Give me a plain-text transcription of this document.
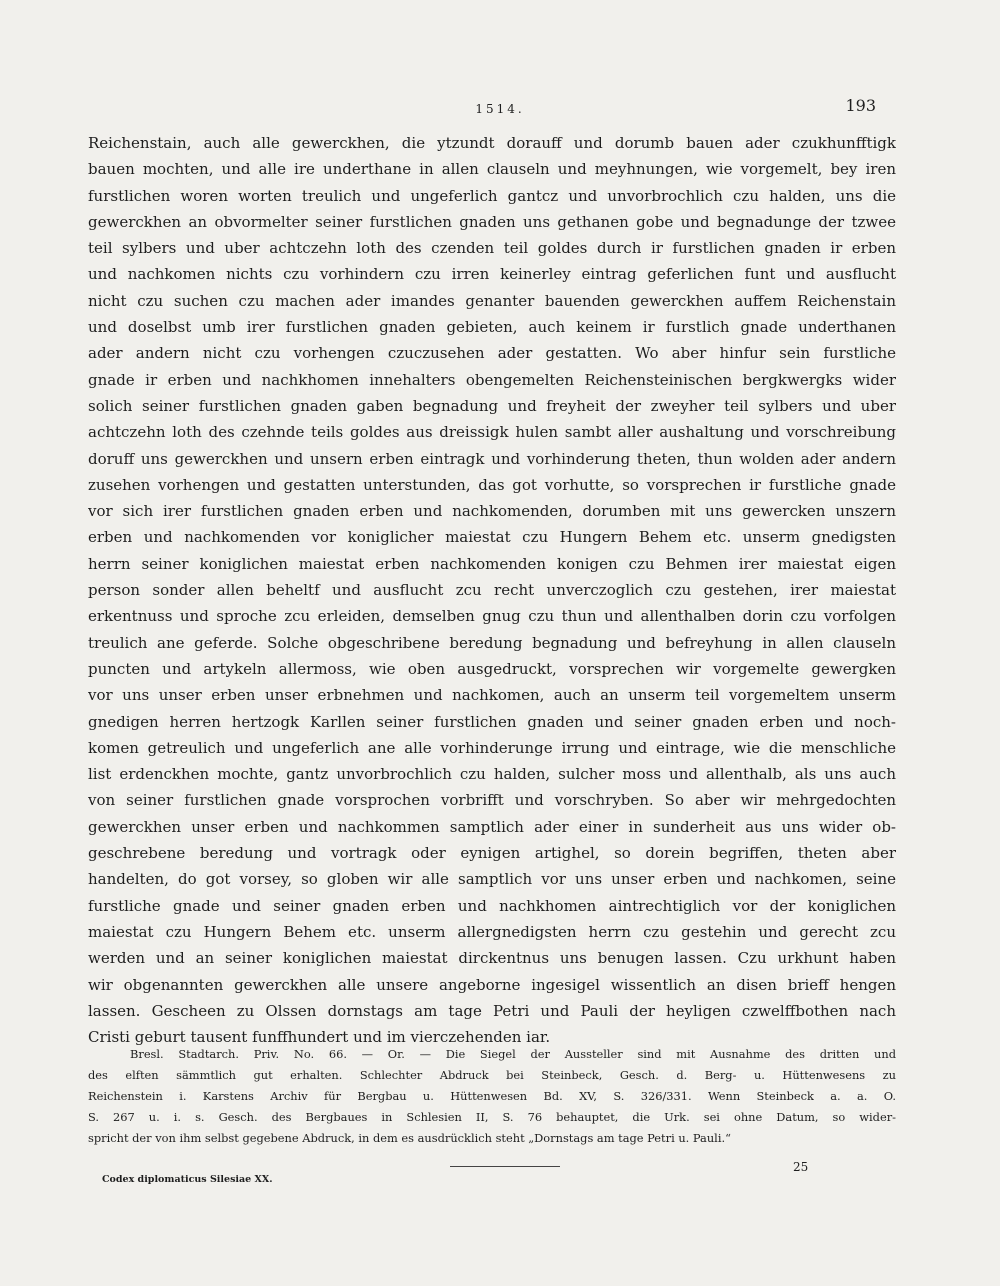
1514.	193
Reichenstain, auch alle gewerckhen, die ytzundt dorauff und dorumb bauen ader czukhunfftigk
bauen mochten, und alle ire underthane in allen clauseln und meyhnungen, wie vorgemelt, bey iren
furstlichen woren worten treulich und ungeferlich gantcz und unvorbrochlich czu halden, uns die
gewerckhen an obvormelter seiner furstlichen gnaden uns gethanen gobe und begnadunge der tzwee
teil sylbers und uber achtczehn loth des czenden teil goldes durch ir furstlichen gnaden ir erben
und nachkomen nichts czu vorhindern czu irren keinerley eintrag geferlichen funt und ausflucht
nicht czu suchen czu machen ader imandes genanter bauenden gewerckhen auffem Reichenstain
und doselbst umb irer furstlichen gnaden gebieten, auch keinem ir furstlich gnade underthanen
ader andern nicht czu vorhengen czuczusehen ader gestatten. Wo aber hinfur sein furstliche
gnade ir erben und nachkhomen innehalters obengemelten Reichensteinischen bergkwergks wider
solich seiner furstlichen gnaden gaben begnadung und freyheit der zweyher teil sylbers und uber
achtczehn loth des czehnde teils goldes aus dreissigk hulen sambt aller aushaltung und vorschreibung
doruff uns gewerckhen und unsern erben eintragk und vorhinderung theten, thun wolden ader andern
zusehen vorhengen und gestatten unterstunden, das got vorhutte, so vorsprechen ir furstliche gnade
vor sich irer furstlichen gnaden erben und nachkomenden, dorumben mit uns gewercken unszern
erben und nachkomenden vor koniglicher maiestat czu Hungern Behem etc. unserm gnedigsten
herrn seiner koniglichen maiestat erben nachkomenden konigen czu Behmen irer maiestat eigen
person sonder allen beheltf und ausflucht zcu recht unverczoglich czu gestehen, irer maiestat
erkentnuss und sproche zcu erleiden, demselben gnug czu thun und allenthalben dorin czu vorfolgen
treulich ane geferde. Solche obgeschribene beredung begnadung und befreyhung in allen clauseln
puncten und artykeln allermoss, wie oben ausgedruckt, vorsprechen wir vorgemelte gewergken
vor uns unser erben unser erbnehmen und nachkomen, auch an unserm teil vorgemeltem unserm
gnedigen herren hertzogk Karllen seiner furstlichen gnaden und seiner gnaden erben und noch-
komen getreulich und ungeferlich ane alle vorhinderunge irrung und eintrage, wie die menschliche
list erdenckhen mochte, gantz unvorbrochlich czu halden, sulcher moss und allenthalb, als uns auch
von seiner furstlichen gnade vorsprochen vorbrifft und vorschryben. So aber wir mehrgedochten
gewerckhen unser erben und nachkommen samptlich ader einer in sunderheit aus uns wider ob-
geschrebene beredung und vortragk oder eynigen artighel, so dorein begriffen, theten aber
handelten, do got vorsey, so globen wir alle samptlich vor uns unser erben und nachkomen, seine
furstliche gnade und seiner gnaden erben und nachkhomen aintrechtiglich vor der koniglichen
maiestat czu Hungern Behem etc. unserm allergnedigsten herrn czu gestehin und gerecht zcu
werden und an seiner koniglichen maiestat dirckentnus uns benugen lassen. Czu urkhunt haben
wir obgenannten gewerckhen alle unsere angeborne ingesigel wissentlich an disen brieff hengen
lassen. Gescheen zu Olssen dornstags am tage Petri und Pauli der heyligen czwelffbothen nach
Cristi geburt tausent funffhundert und im vierczehenden iar.
Bresl. Stadtarch. Priv. No. 66. — Or. — Die Siegel der Aussteller sind mit Ausnahme des dritten und
des elften sämmtlich gut erhalten. Schlechter Abdruck bei Steinbeck, Gesch. d. Berg- u. Hüttenwesens zu
Reichenstein i. Karstens Archiv für Bergbau u. Hüttenwesen Bd. XV, S. 326/331. Wenn Steinbeck a. a. O.
S. 267 u. i. s. Gesch. des Bergbaues in Schlesien II, S. 76 behauptet, die Urk. sei ohne Datum, so wider-
spricht der von ihm selbst gegebene Abdruck, in dem es ausdrücklich steht „Dornstags am tage Petri u. Pauli.“
25
Codex diplomaticus Silesiae XX.
